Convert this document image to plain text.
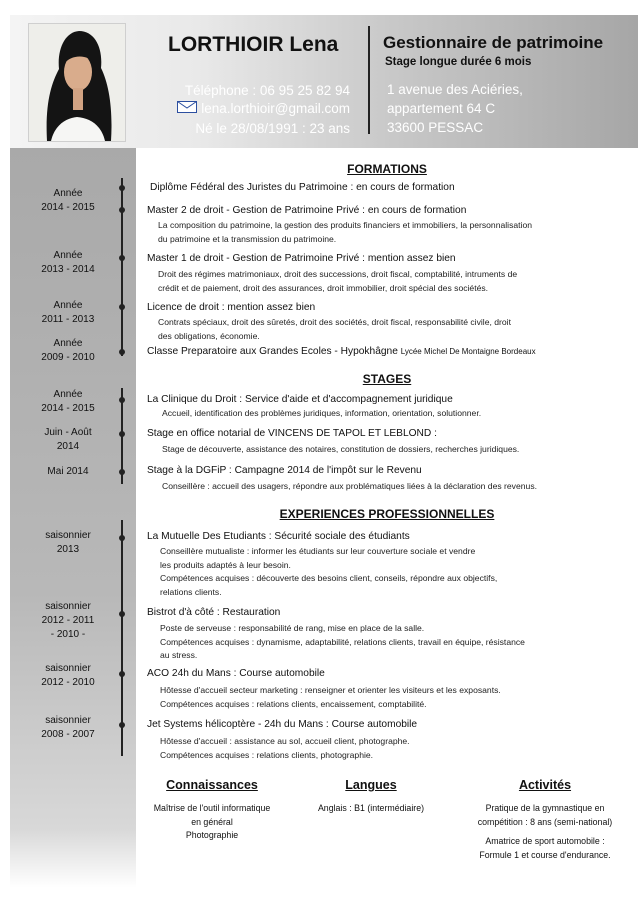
LORTHIOIR Lena
Téléphone : 06 95 25 82 94
lena.lorthioir@gmail.com
Né le 28/08/1991 : 23 ans
Gestionnaire de patrimoine
Stage longue durée 6 mois
1 avenue des Aciéries,
appartement 64 C
33600 PESSAC
FORMATIONS
Année
2014 - 2015
Année
2013 - 2014
Année
2011 - 2013
Année
2009 - 2010
Diplôme Fédéral des Juristes du Patrimoine : en cours de formation
Master 2 de droit - Gestion de Patrimoine Privé : en cours de formation
La composition du patrimoine, la gestion des produits financiers et immobiliers, la personnalisation
du patrimoine et la transmission du patrimoine.
Master 1 de droit - Gestion de Patrimoine Privé : mention assez bien
Droit des régimes matrimoniaux, droit des successions, droit fiscal, comptabilité, intruments de
crédit et de paiement, droit des assurances, droit immobilier, droit spécial des sociétés.
Licence de droit : mention assez bien
Contrats spéciaux, droit des sûretés, droit des sociétés, droit fiscal, responsabilité civile, droit
des obligations, économie.
Classe Preparatoire aux Grandes Ecoles - Hypokhâgne Lycée Michel De Montaigne Bordeaux
STAGES
Année
2014 - 2015
Juin - Août
2014
Mai 2014
La Clinique du Droit : Service d'aide et d'accompagnement juridique
Accueil, identification des problèmes juridiques, information, orientation, solutionner.
Stage en office notarial de VINCENS DE TAPOL ET LEBLOND :
Stage de découverte, assistance des notaires, constitution de dossiers, recherches juridiques.
Stage à la DGFiP : Campagne 2014 de l'impôt sur le Revenu
Conseillère : accueil des usagers, répondre aux problématiques liées à la déclaration des revenus.
EXPERIENCES PROFESSIONNELLES
saisonnier
2013
saisonnier
2012 - 2011
- 2010 -
saisonnier
2012 - 2010
saisonnier
2008 - 2007
La Mutuelle Des Etudiants : Sécurité sociale des étudiants
Conseillère mutualiste : informer les étudiants sur leur couverture sociale et vendre
les produits adaptés à leur besoin.
Compétences acquises : découverte des besoins client, conseils, répondre aux objectifs,
relations clients.
Bistrot d'à côté : Restauration
Poste de serveuse : responsabilité de rang, mise en place de la salle.
Compétences acquises : dynamisme, adaptabilité, relations clients, travail en équipe, résistance
au stress.
ACO 24h du Mans : Course automobile
Hôtesse d'accueil secteur marketing : renseigner et orienter les visiteurs et les exposants.
Compétences acquises : relations clients, encaissement, comptabilité.
Jet Systems hélicoptère - 24h du Mans : Course automobile
Hôtesse d'accueil : assistance au sol, accueil client, photographe.
Compétences acquises : relations clients, photographie.
Connaissances
Maîtrise de l'outil informatique
en général
Photographie
Langues
Anglais : B1 (intermédiaire)
Activités
Pratique de la gymnastique en
compétition : 8 ans (semi-national)
Amatrice de sport automobile :
Formule 1 et course d'endurance.
